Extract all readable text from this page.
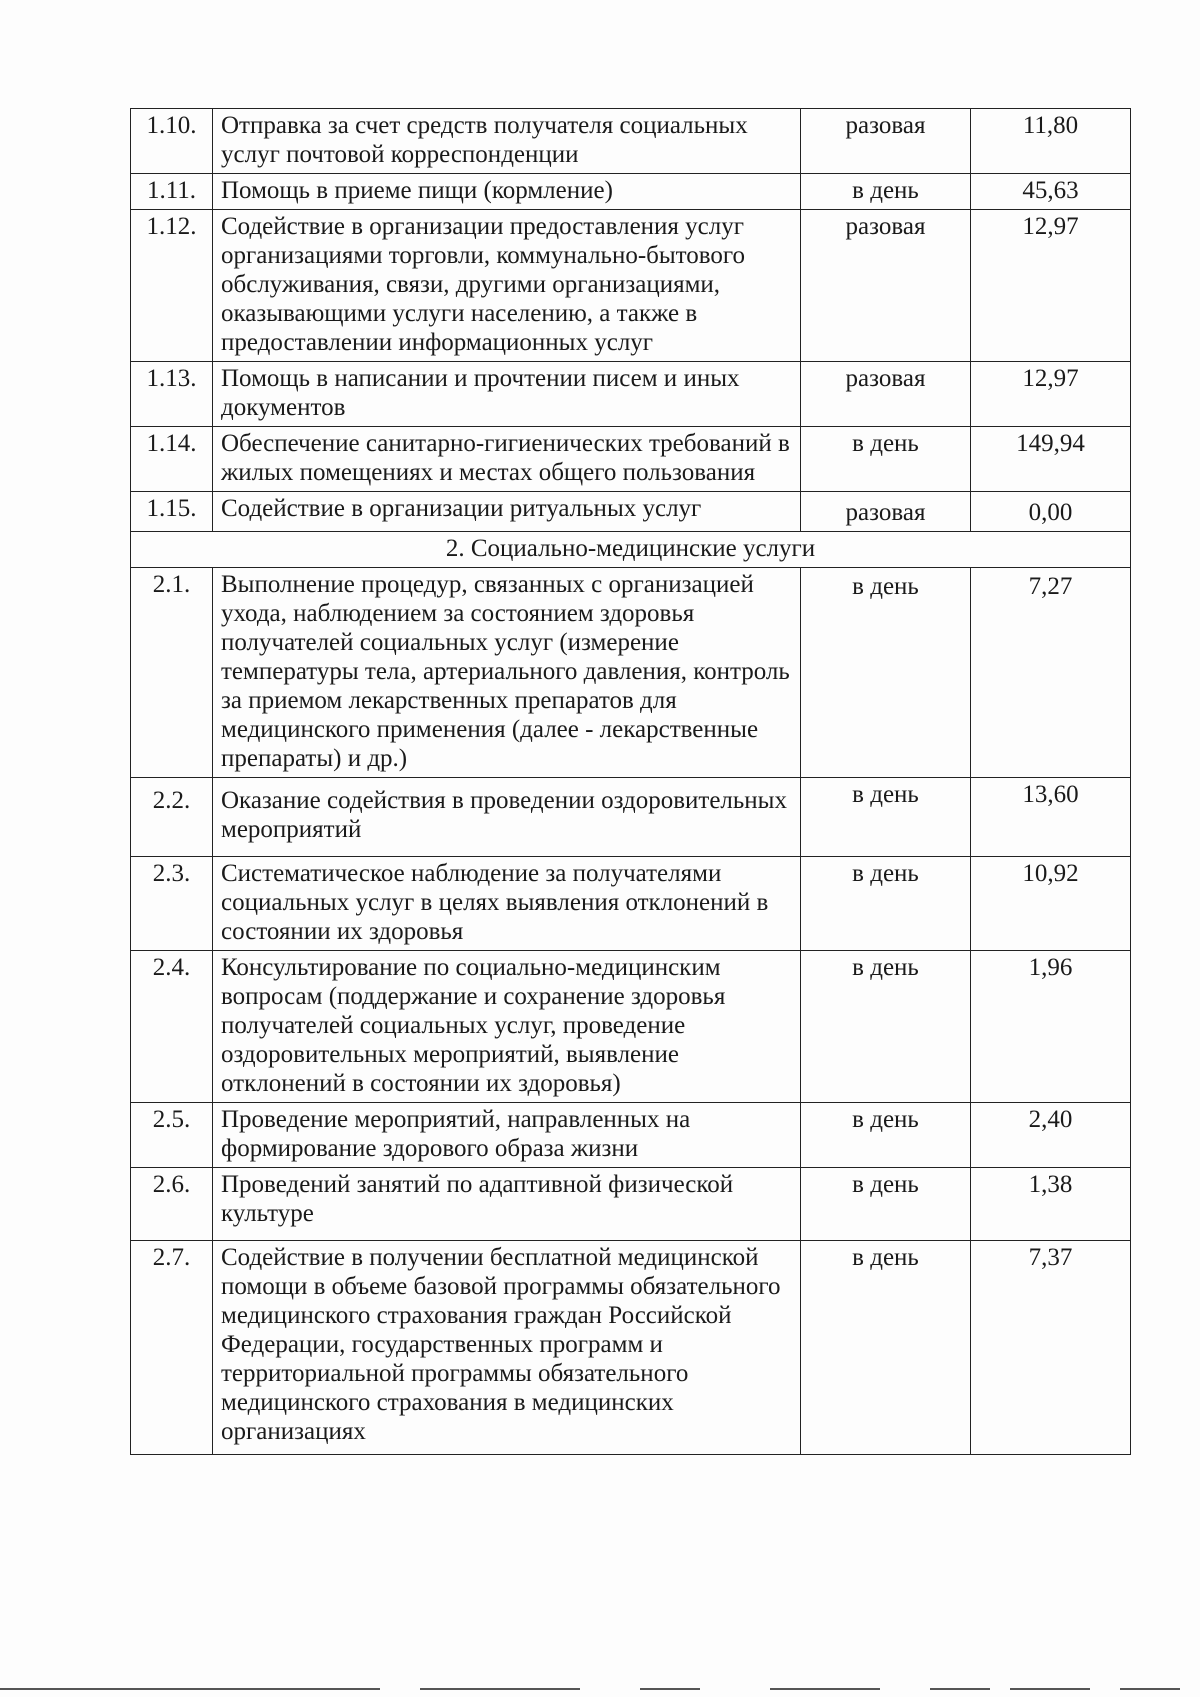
1.10.	Отправка за счет средств получателя социальных услуг почтовой корреспонденции	разовая	11,80
1.11.	Помощь в приеме пищи (кормление)	в день	45,63
1.12.	Содействие в организации предоставления услуг организациями торговли, коммунально-бытового обслуживания, связи, другими организациями, оказывающими услуги населению, а также в предоставлении информационных услуг	разовая	12,97
1.13.	Помощь в написании и прочтении писем и иных документов	разовая	12,97
1.14.	Обеспечение санитарно-гигиенических требований в жилых помещениях и местах общего пользования	в день	149,94
1.15.	Содействие в организации ритуальных услуг	разовая	0,00
2. Социально-медицинские услуги			
2.1.	Выполнение процедур, связанных с организацией ухода, наблюдением за состоянием здоровья получателей социальных услуг (измерение температуры тела, артериального давления, контроль за приемом лекарственных препаратов для медицинского применения (далее - лекарственные препараты) и др.)	в день	7,27
2.2.	Оказание содействия в проведении оздоровительных мероприятий	в день	13,60
2.3.	Систематическое наблюдение за получателями социальных услуг в целях выявления отклонений в состоянии их здоровья	в день	10,92
2.4.	Консультирование по социально-медицинским вопросам (поддержание и сохранение здоровья получателей социальных услуг, проведение оздоровительных мероприятий, выявление отклонений в состоянии их здоровья)	в день	1,96
2.5.	Проведение мероприятий, направленных на формирование здорового образа жизни	в день	2,40
2.6.	Проведений занятий по адаптивной физической культуре	в день	1,38
2.7.	Содействие в получении бесплатной медицинской помощи в объеме базовой программы обязательного медицинского страхования граждан Российской Федерации, государственных программ и территориальной программы обязательного медицинского страхования в медицинских организациях	в день	7,37
